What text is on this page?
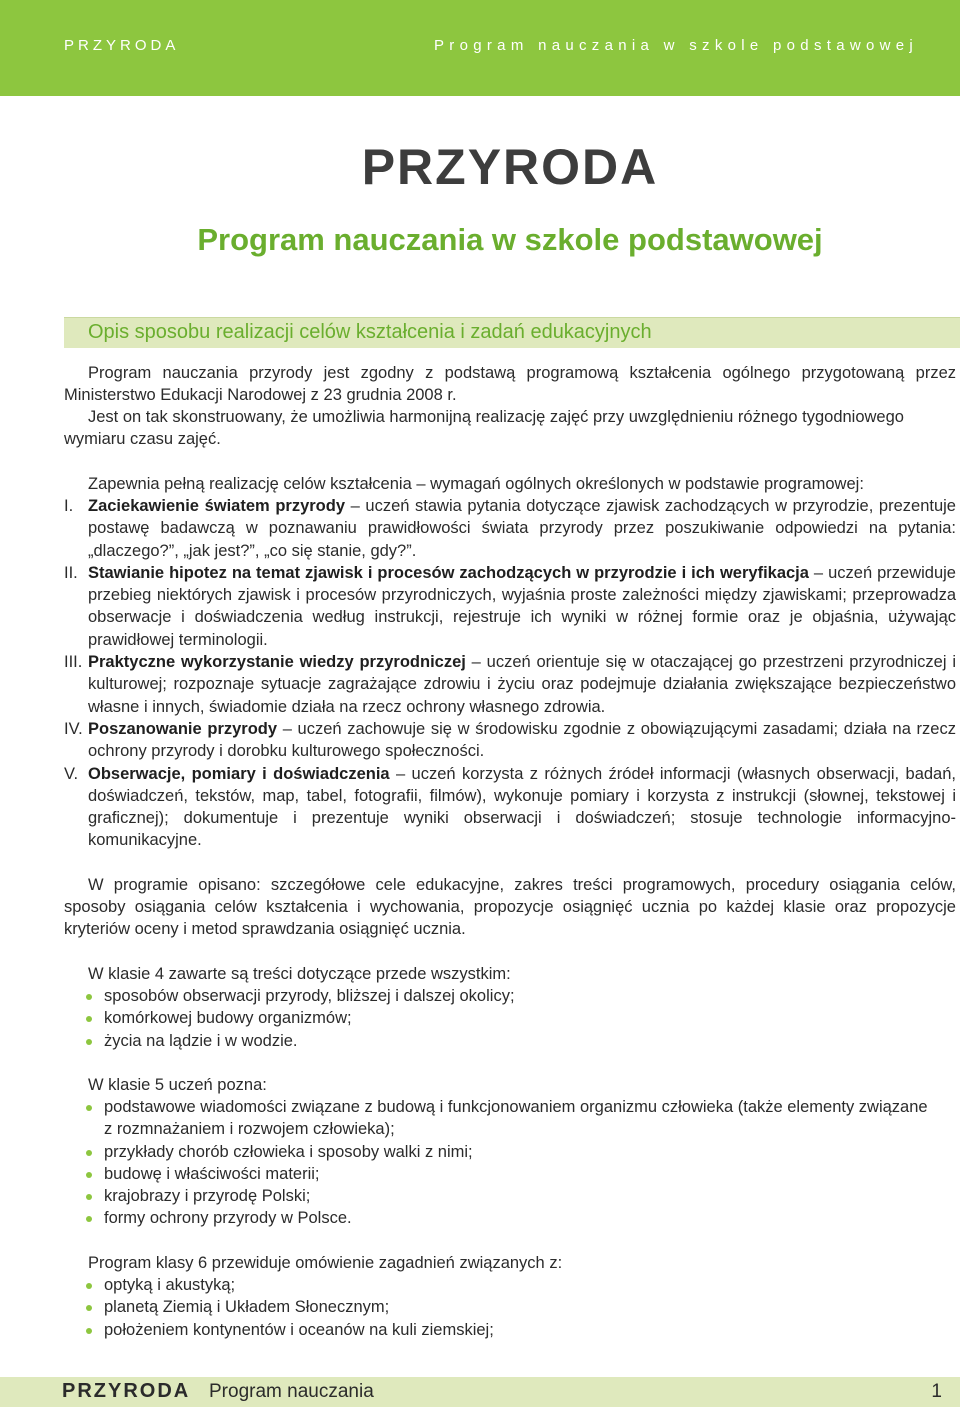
PRZYRODA	Program nauczania w szkole podstawowej
PRZYRODA
Program nauczania w szkole podstawowej
Opis sposobu realizacji celów kształcenia i zadań edukacyjnych
Program nauczania przyrody jest zgodny z podstawą programową kształcenia ogólnego przygotowaną przez Ministerstwo Edukacji Narodowej z 23 grudnia 2008 r.
Jest on tak skonstruowany, że umożliwia harmonijną realizację zajęć przy uwzględnieniu różnego tygodniowego wymiaru czasu zajęć.
Zapewnia pełną realizację celów kształcenia – wymagań ogólnych określonych w podstawie programowej:
I. Zaciekawienie światem przyrody – uczeń stawia pytania dotyczące zjawisk zachodzących w przyrodzie, prezentuje postawę badawczą w poznawaniu prawidłowości świata przyrody przez poszukiwanie odpowiedzi na pytania: „dlaczego?”, „jak jest?”, „co się stanie, gdy?”.
II. Stawianie hipotez na temat zjawisk i procesów zachodzących w przyrodzie i ich weryfikacja – uczeń przewiduje przebieg niektórych zjawisk i procesów przyrodniczych, wyjaśnia proste zależności między zjawiskami; przeprowadza obserwacje i doświadczenia według instrukcji, rejestruje ich wyniki w różnej formie oraz je objaśnia, używając prawidłowej terminologii.
III. Praktyczne wykorzystanie wiedzy przyrodniczej – uczeń orientuje się w otaczającej go przestrzeni przyrodniczej i kulturowej; rozpoznaje sytuacje zagrażające zdrowiu i życiu oraz podejmuje działania zwiększające bezpieczeństwo własne i innych, świadomie działa na rzecz ochrony własnego zdrowia.
IV. Poszanowanie przyrody – uczeń zachowuje się w środowisku zgodnie z obowiązującymi zasadami; działa na rzecz ochrony przyrody i dorobku kulturowego społeczności.
V. Obserwacje, pomiary i doświadczenia – uczeń korzysta z różnych źródeł informacji (własnych obserwacji, badań, doświadczeń, tekstów, map, tabel, fotografii, filmów), wykonuje pomiary i korzysta z instrukcji (słownej, tekstowej i graficznej); dokumentuje i prezentuje wyniki obserwacji i doświadczeń; stosuje technologie informacyjno-komunikacyjne.
W programie opisano: szczegółowe cele edukacyjne, zakres treści programowych, procedury osiągania celów, sposoby osiągania celów kształcenia i wychowania, propozycje osiągnięć ucznia po każdej klasie oraz propozycje kryteriów oceny i metod sprawdzania osiągnięć ucznia.
W klasie 4 zawarte są treści dotyczące przede wszystkim:
sposobów obserwacji przyrody, bliższej i dalszej okolicy;
komórkowej budowy organizmów;
życia na lądzie i w wodzie.
W klasie 5 uczeń pozna:
podstawowe wiadomości związane z budową i funkcjonowaniem organizmu człowieka (także elementy związane z rozmnażaniem i rozwojem człowieka);
przykłady chorób człowieka i sposoby walki z nimi;
budowę i właściwości materii;
krajobrazy i przyrodę Polski;
formy ochrony przyrody w Polsce.
Program klasy 6 przewiduje omówienie zagadnień związanych z:
optyką i akustyką;
planetą Ziemią i Układem Słonecznym;
położeniem kontynentów i oceanów na kuli ziemskiej;
PRZYRODA Program nauczania	1
